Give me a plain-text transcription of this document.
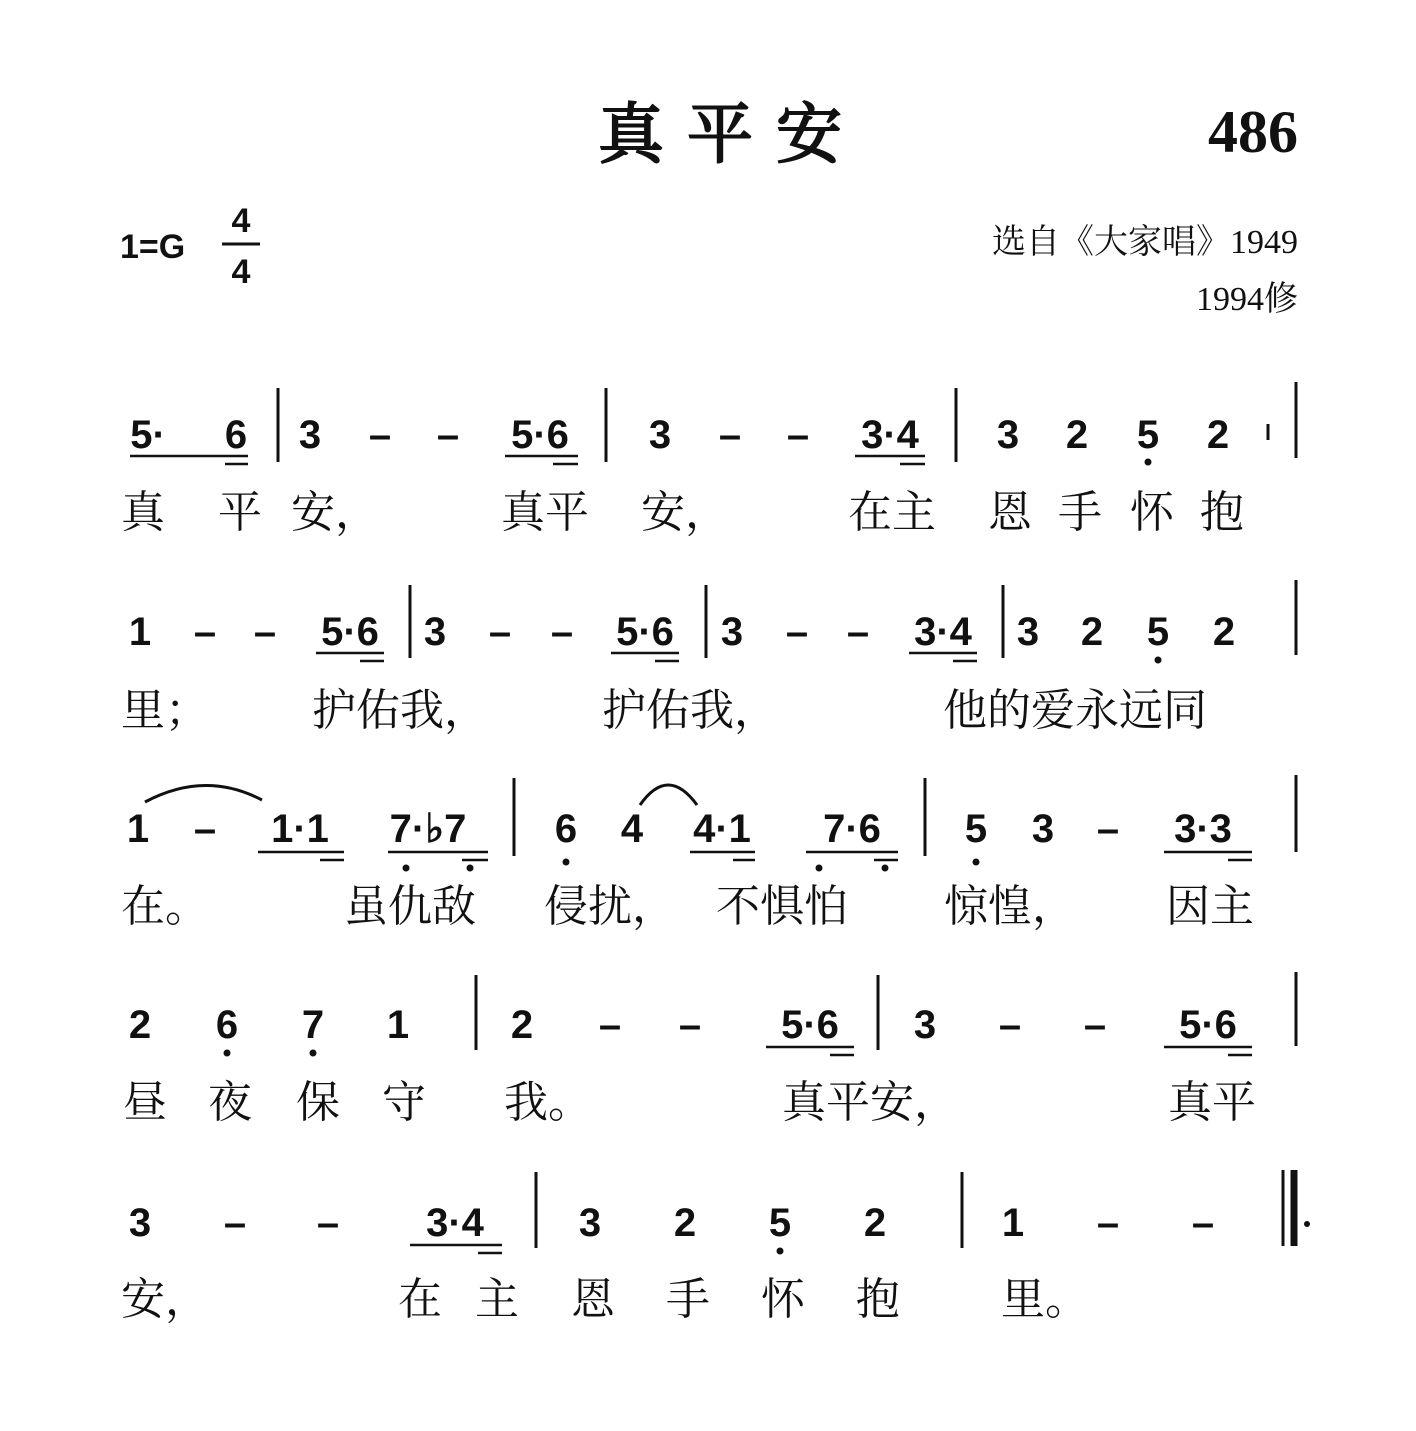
真 平 安	486
1=G
4
4
选自《大家唱》1949
1994修
5· 6 3 – – 5·6 3 – – 3·4 3 2 5 2
真 平 安，	真平 安，	在主 恩 手 怀 抱
1 – – 5·6 3 – – 5·6 3 – – 3·4 3 2 5 2
里； 护佑我，	护佑我，	他的爱永远同
1 – 1·1 7·♭7 6 4 4·1 7·6 5 3 – 3·3
在。	虽仇敌 侵扰， 不惧怕 惊惶， 因主
2 6 7 1	2 – – 5·6 3 – – 5·6
昼 夜 保 守 我。	真平安，	真平
3 – – 3·4 3 2 5 2	1 – –
安，	在 主 恩 手 怀 抱 里。
